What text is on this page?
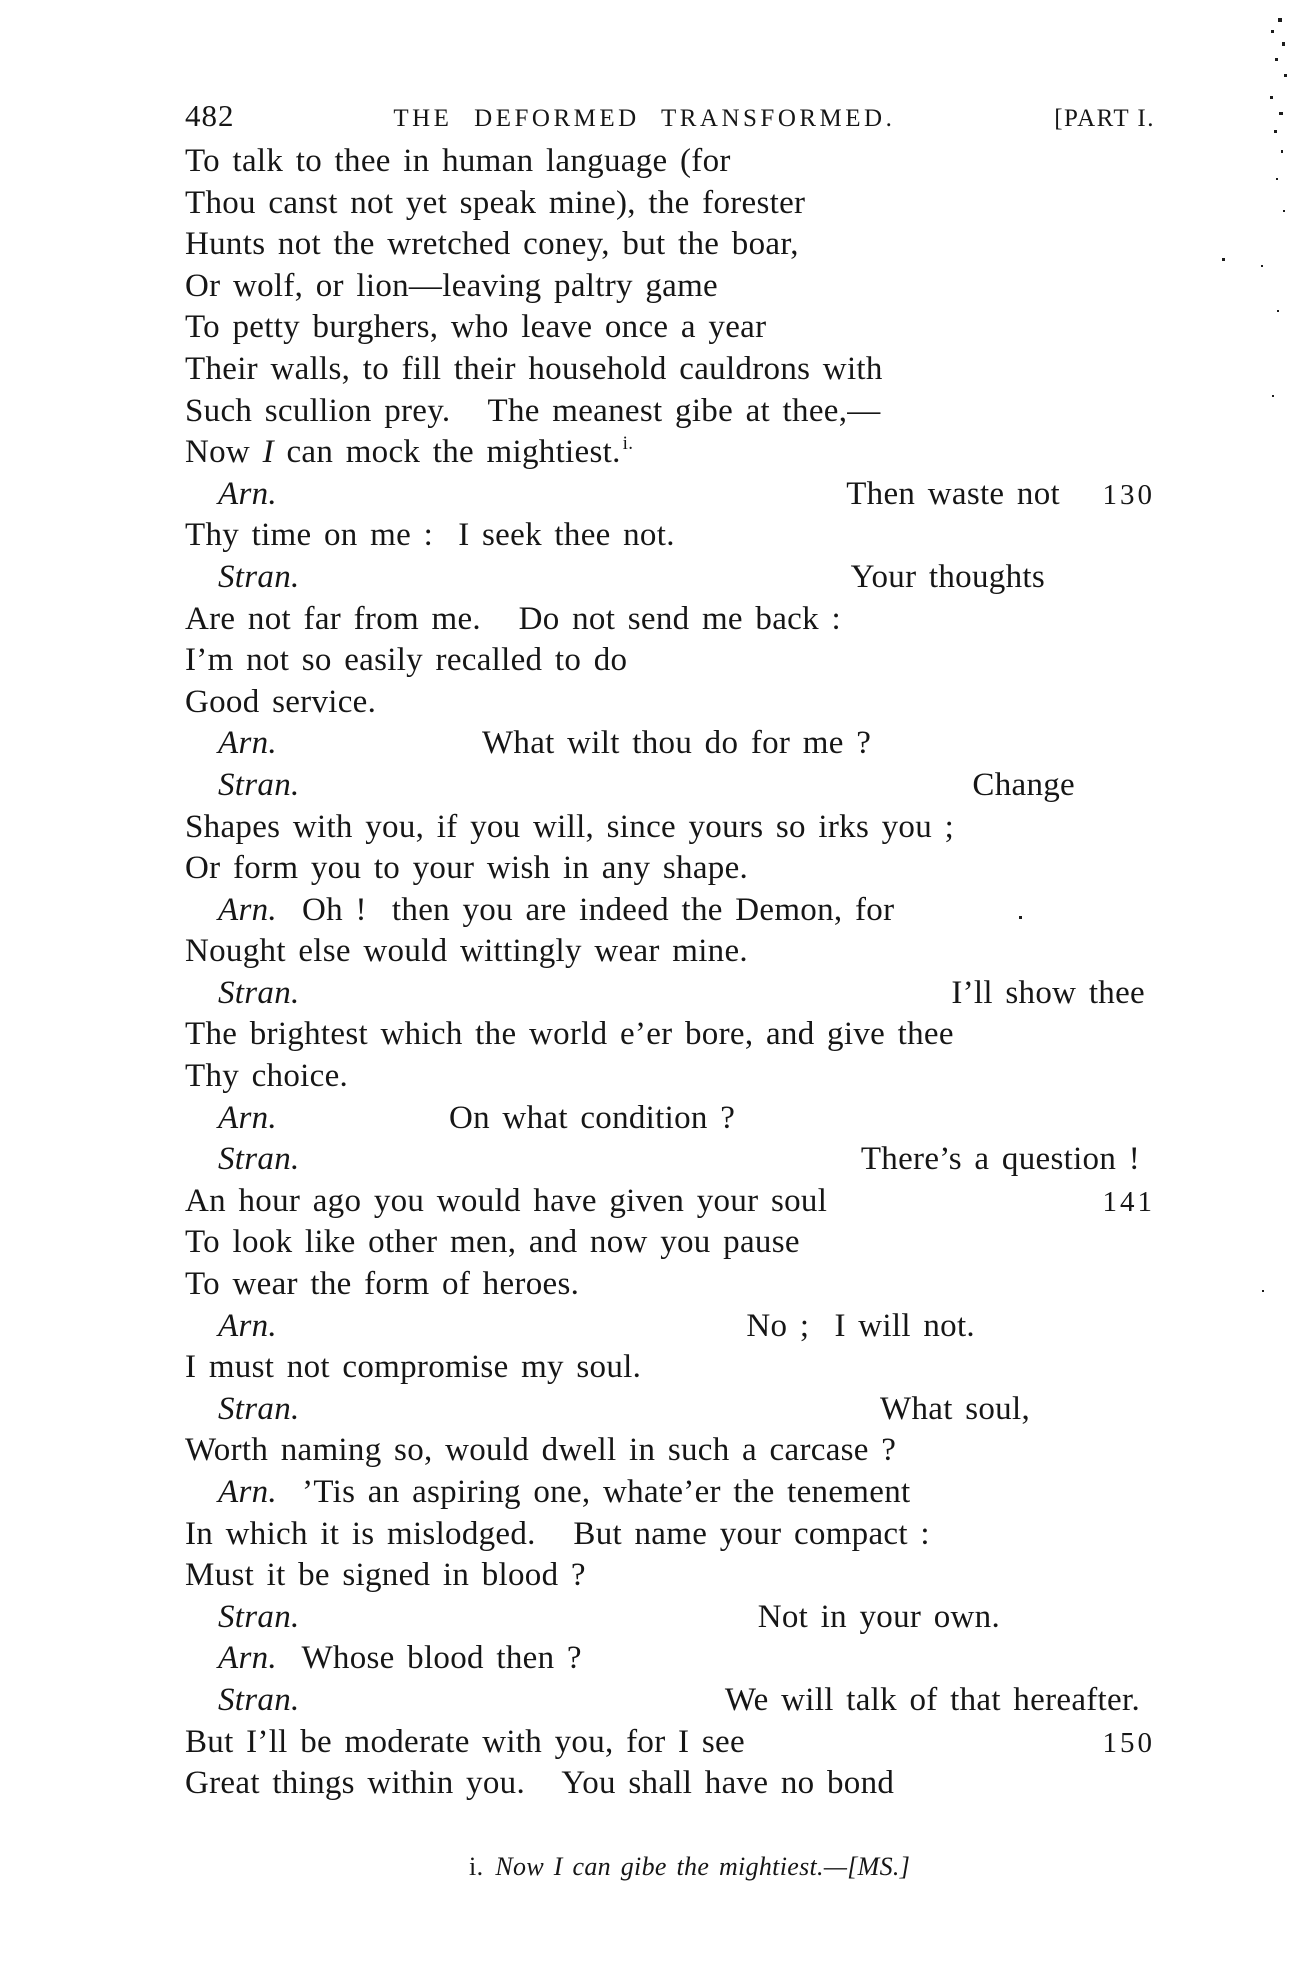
482	THE DEFORMED TRANSFORMED.	[PART I.
To talk to thee in human language (for
Thou canst not yet speak mine), the forester
Hunts not the wretched coney, but the boar,
Or wolf, or lion—leaving paltry game
To petty burghers, who leave once a year
Their walls, to fill their household cauldrons with
Such scullion prey.   The meanest gibe at thee,—
Now I can mock the mightiest. i.
Arn.	Then waste not	130
Thy time on me :  I seek thee not.
Stran.	Your thoughts
Are not far from me.   Do not send me back :
I’m not so easily recalled to do
Good service.
Arn.	What wilt thou do for me ?
Stran.	Change
Shapes with you, if you will, since yours so irks you ;
Or form you to your wish in any shape.
Arn. Oh !  then you are indeed the Demon, for
Nought else would wittingly wear mine.
Stran.	I’ll show thee
The brightest which the world e’er bore, and give thee
Thy choice.
Arn.	On what condition ?
Stran.	There’s a question !
An hour ago you would have given your soul	141
To look like other men, and now you pause
To wear the form of heroes.
Arn.	No ;  I will not.
I must not compromise my soul.
Stran.	What soul,
Worth naming so, would dwell in such a carcase ?
Arn. ’Tis an aspiring one, whate’er the tenement
In which it is mislodged.   But name your compact :
Must it be signed in blood ?
Stran.	Not in your own.
Arn. Whose blood then ?
Stran.	We will talk of that hereafter.
But I’ll be moderate with you, for I see	150
Great things within you.   You shall have no bond

i. Now I can gibe the mightiest.—[MS.]
